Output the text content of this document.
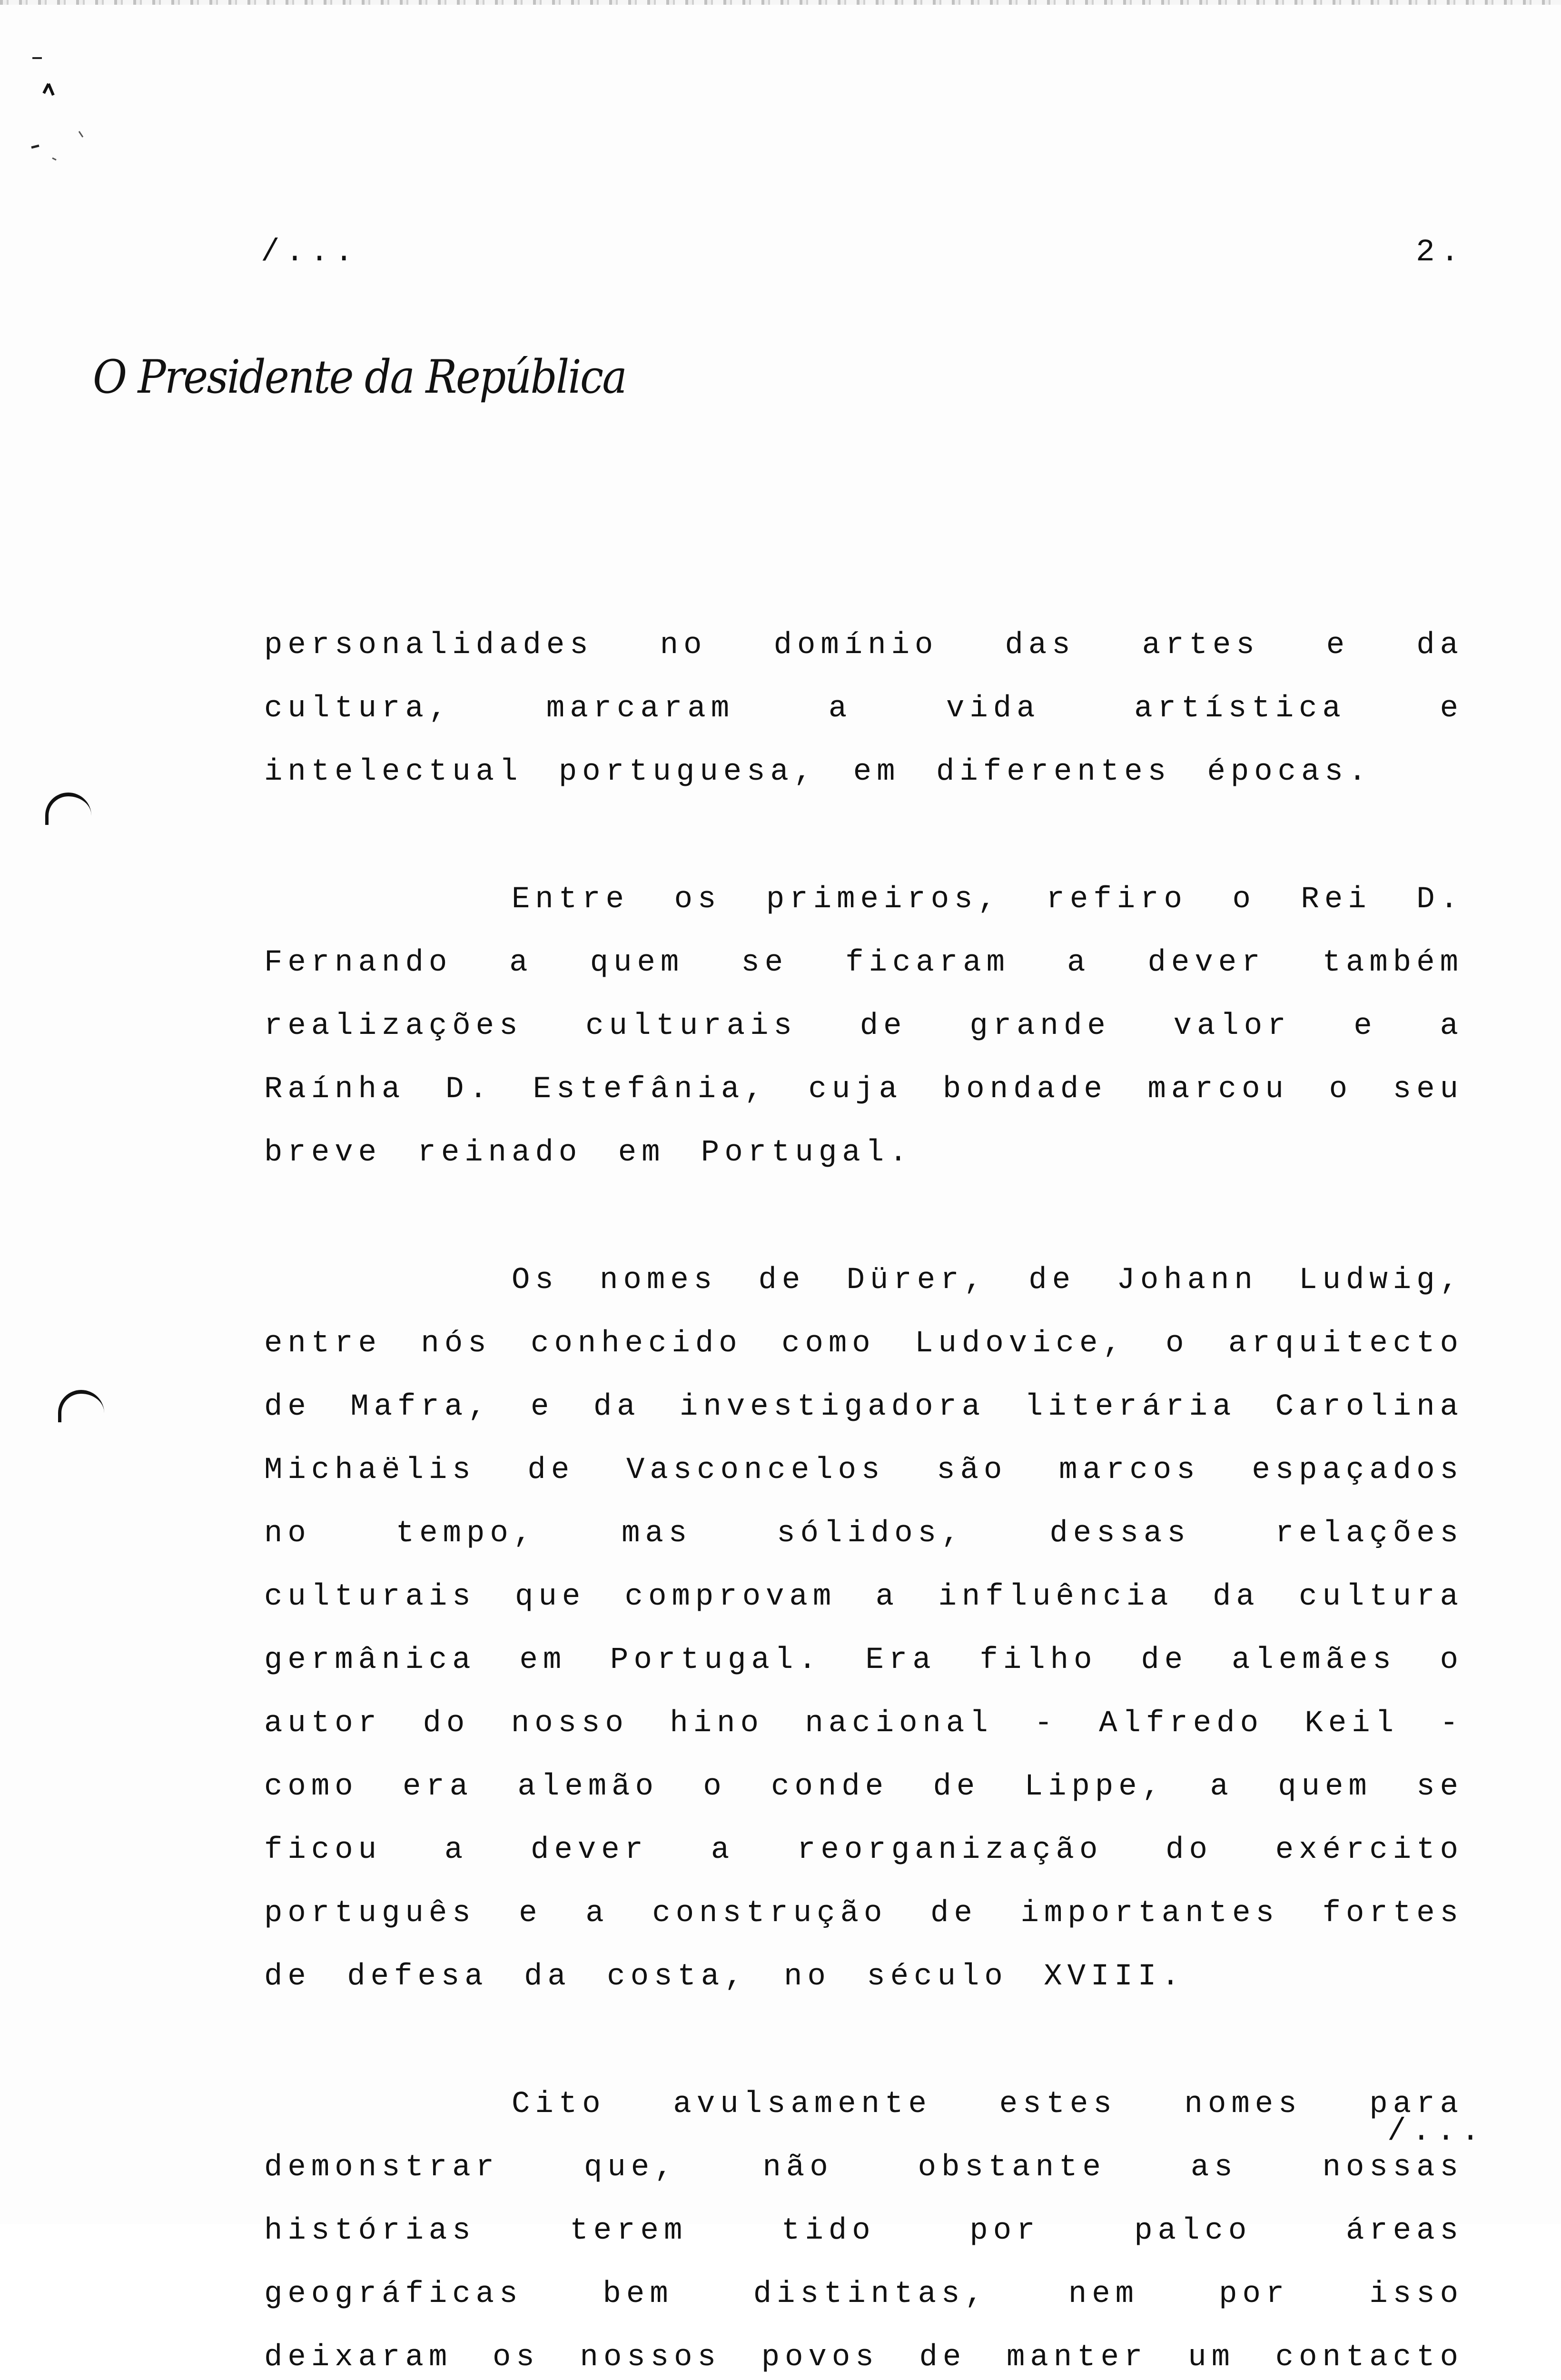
/...	2.

O Presidente da República

personalidades no domínio das artes e da cultura, marcaram a vida artística e intelectual portuguesa, em diferentes épocas.

Entre os primeiros, refiro o Rei D. Fernando a quem se ficaram a dever também realizações culturais de grande valor e a Raínha D. Estefânia, cuja bondade marcou o seu breve reinado em Portugal.

Os nomes de Dürer, de Johann Ludwig, entre nós conhecido como Ludovice, o arquitecto de Mafra, e da investigadora literária Carolina Michaëlis de Vasconcelos são marcos espaçados no tempo, mas sólidos, dessas relações culturais que comprovam a influência da cultura germânica em Portugal. Era filho de alemães o autor do nosso hino nacional - Alfredo Keil - como era alemão o conde de Lippe, a quem se ficou a dever a reorganização do exército português e a construção de importantes fortes de defesa da costa, no século XVIII.

Cito avulsamente estes nomes para demonstrar que, não obstante as nossas histórias terem tido por palco áreas geográficas bem distintas, nem por isso deixaram os nossos povos de manter um contacto

/...
